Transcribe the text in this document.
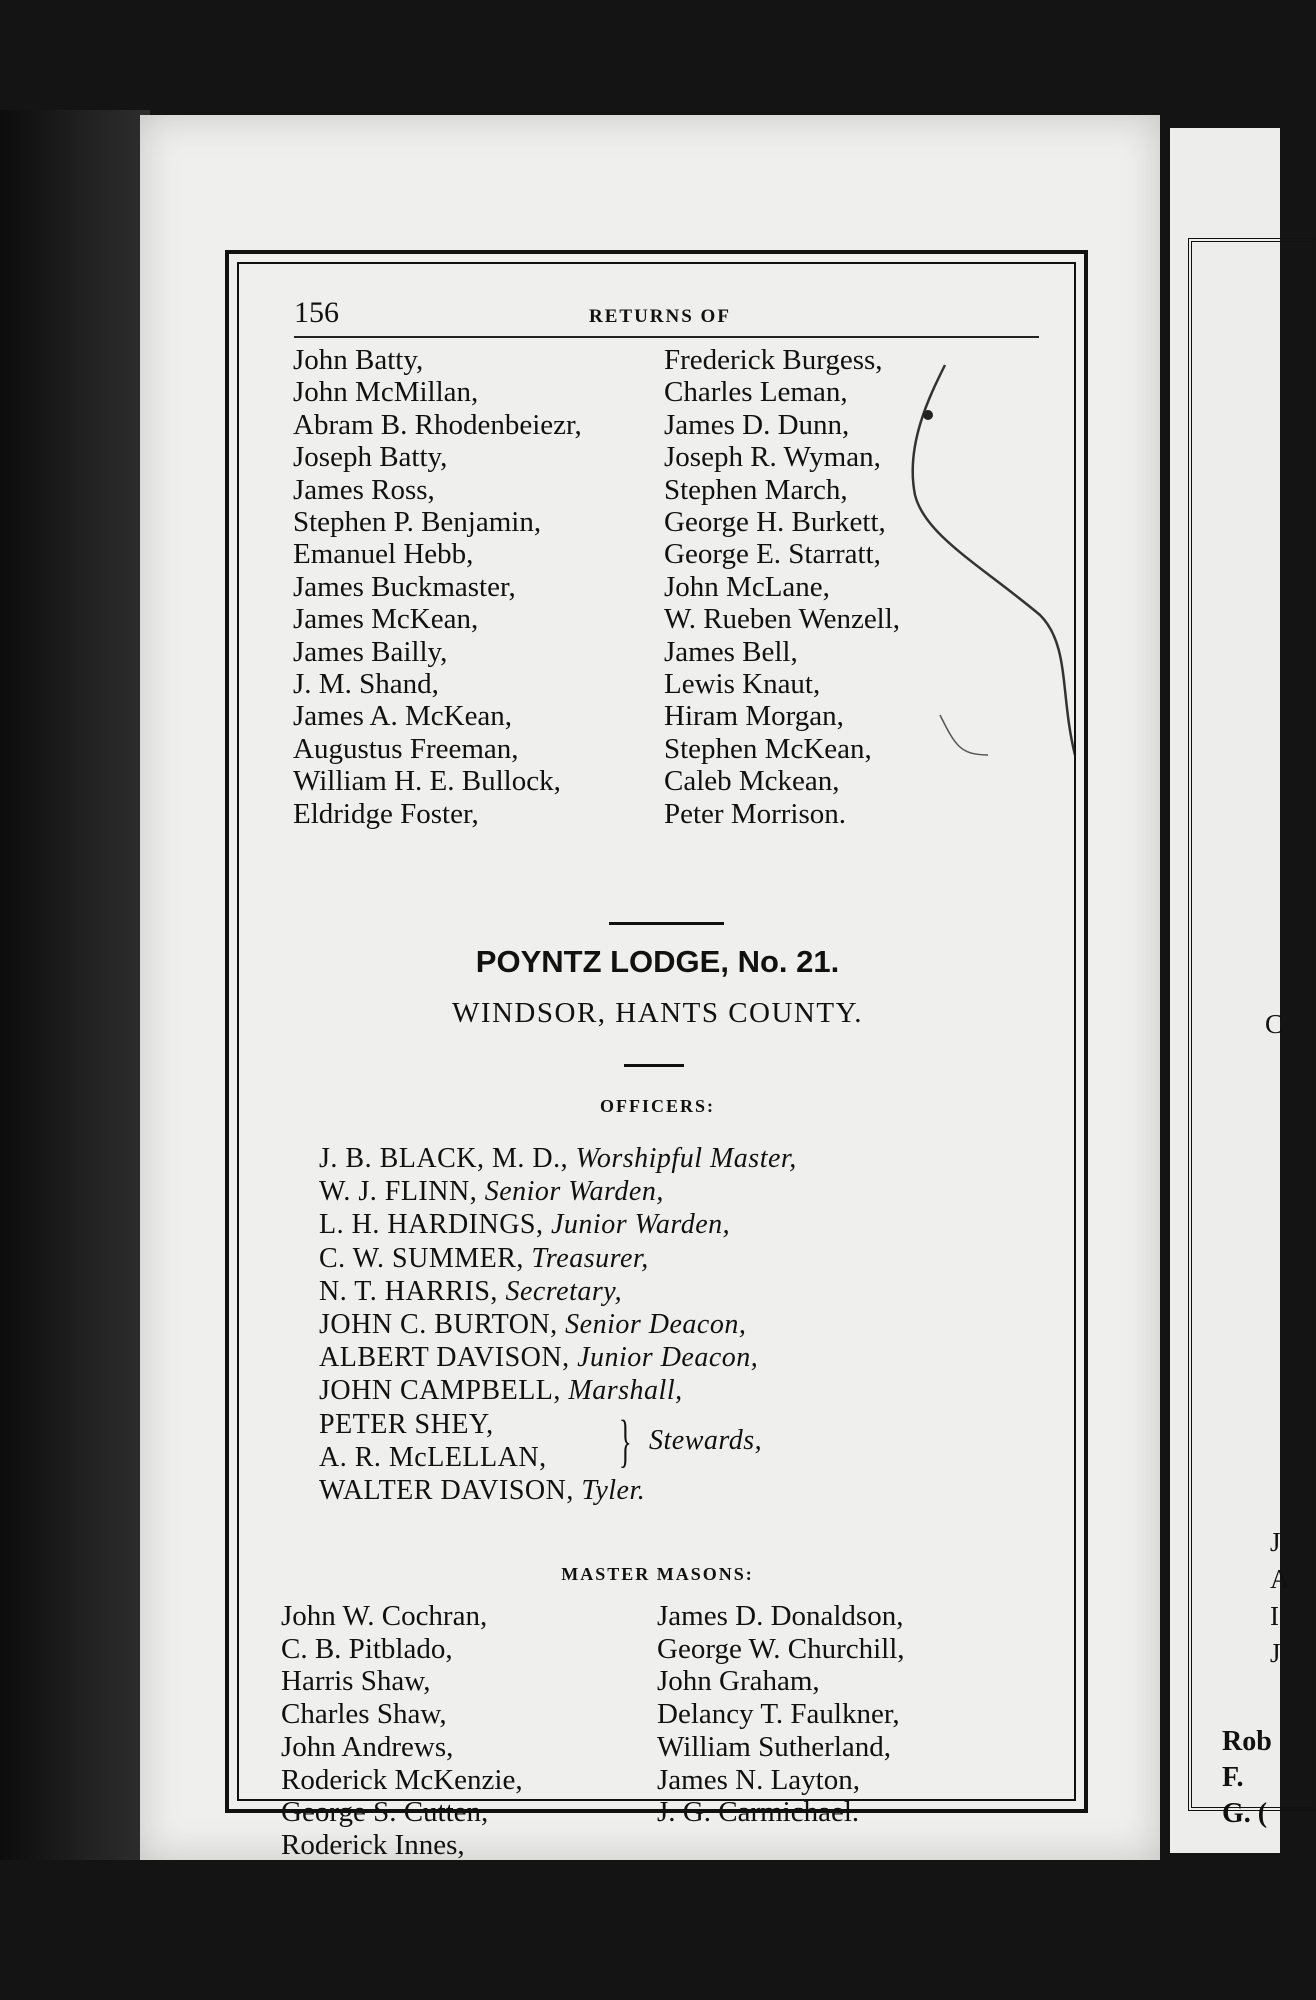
C
J
A
I
J
Rob
F.
G. (
156	RETURNS OF
John Batty,
John McMillan,
Abram B. Rhodenbeiezr,
Joseph Batty,
James Ross,
Stephen P. Benjamin,
Emanuel Hebb,
James Buckmaster,
James McKean,
James Bailly,
J. M. Shand,
James A. McKean,
Augustus Freeman,
William H. E. Bullock,
Eldridge Foster,
Frederick Burgess,
Charles Leman,
James D. Dunn,
Joseph R. Wyman,
Stephen March,
George H. Burkett,
George E. Starratt,
John McLane,
W. Rueben Wenzell,
James Bell,
Lewis Knaut,
Hiram Morgan,
Stephen McKean,
Caleb Mckean,
Peter Morrison.
POYNTZ LODGE, No. 21.
WINDSOR, HANTS COUNTY.
OFFICERS:
J. B. BLACK, M. D., Worshipful Master,
W. J. FLINN, Senior Warden,
L. H. HARDINGS, Junior Warden,
C. W. SUMMER, Treasurer,
N. T. HARRIS, Secretary,
JOHN C. BURTON, Senior Deacon,
ALBERT DAVISON, Junior Deacon,
JOHN CAMPBELL, Marshall,
PETER SHEY,
A. R. McLELLAN, } Stewards,
WALTER DAVISON, Tyler.
MASTER MASONS:
John W. Cochran,
C. B. Pitblado,
Harris Shaw,
Charles Shaw,
John Andrews,
Roderick McKenzie,
George S. Cutten,
Roderick Innes,
James D. Donaldson,
George W. Churchill,
John Graham,
Delancy T. Faulkner,
William Sutherland,
James N. Layton,
J. G. Carmichael.
